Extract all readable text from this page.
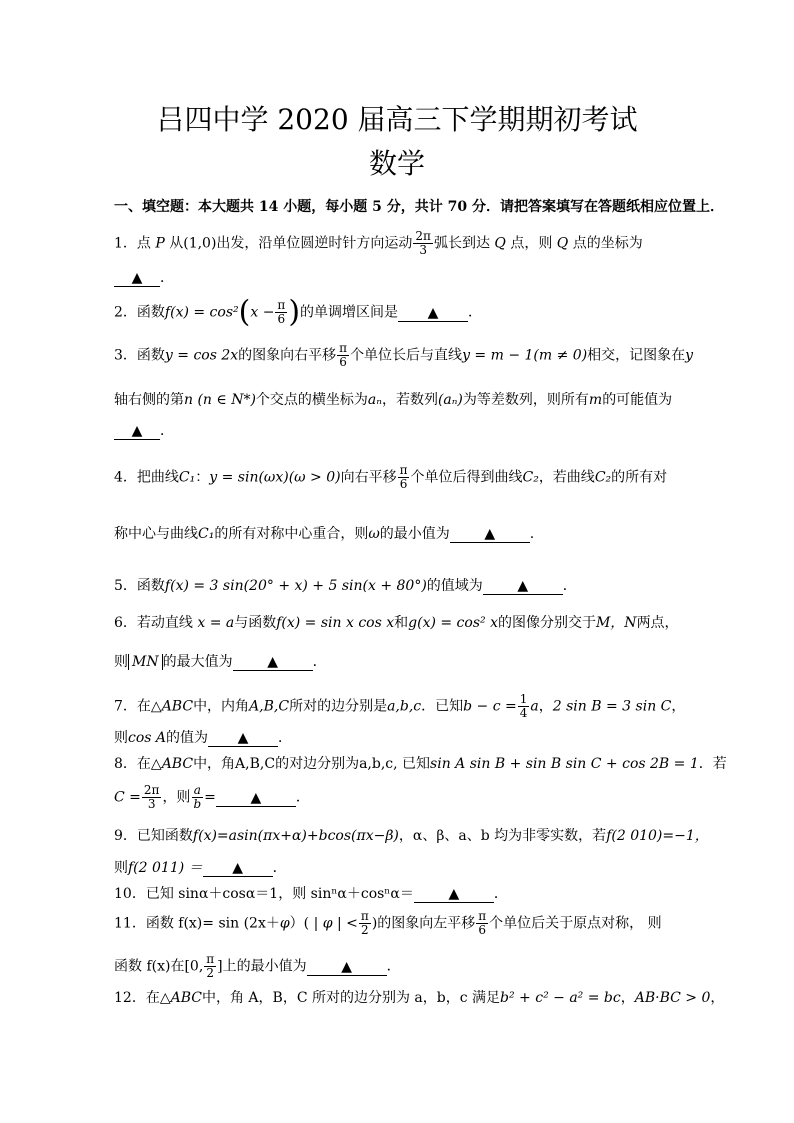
吕四中学 2020 届高三下学期期初考试
数学
一、填空题：本大题共 14 小题，每小题 5 分，共计 70 分．请把答案填写在答题纸相应位置上．
1．点 P 从(1,0)出发，沿单位圆逆时针方向运动 $\frac{2\pi}{3}$ 弧长到达 Q 点，则 Q 点的坐标为
▲ ．
2．函数$f(x) = \cos^2(x - \frac{\pi}{6}$ )的单调增区间是 ▲ ．
3．函数y = cos 2x的图象向右平移 $\frac{\pi}{6}$ 个单位长后与直线y = m − 1(m ≠ 0)相交，记图象在y
轴右侧的第n (n ∈ N*)个交点的横坐标为aₙ，若数列(aₙ)为等差数列，则所有m的可能值为
▲ ．
4．把曲线C₁：y = sin(ωx)(ω > 0)向右平移 $\frac{\pi}{6}$ 个单位后得到曲线C₂，若曲线C₂的所有对
称中心与曲线C₁的所有对称中心重合，则ω的最小值为 ▲ .
5．函数f(x) = 3 sin(20° + x) + 5 sin(x + 80°)的值域为 ▲ ．
6．若动直线 x = a与函数f(x) = sin x cos x和g(x) = cos² x的图像分别交于M，N两点，
则 MN 的最大值为 ▲ ．
7．在△ABC中，内角A,B,C所对的边分别是a,b,c．已知$b - c = \frac{1}{4}$ a，2 sin B = 3 sin C，
则cos A的值为 ▲ ．
8．在△ABC中，角A,B,C的对边分别为a,b,c, 已知sin A sin B + sin B sin C + cos 2B = 1．若
$C = \frac{2\pi}{3}$ ，则 $\frac{a}{b}$ = ▲ ．
9．已知函数f(x)=asin(πx+α)+bcos(πx−β)，α、β、a、b 均为非零实数，若f(2 010)=−1，
则f(2 011) ＝ ▲ ．
10．已知 sinα＋cosα＝1，则 sinⁿα＋cosⁿα＝ ▲ ．
11．函数 f(x)= sin (2x＋φ）( | φ | < $\frac{\pi}{2}$ )的图象向左平移 $\frac{\pi}{6}$ 个单位后关于原点对称， 则
函数 f(x)在[0, $\frac{\pi}{2}$ ]上的最小值为 ▲ ．
12．在△ABC中，角 A，B，C 所对的边分别为 a，b，c 满足b² + c² − a² = bc，AB·BC > 0，
